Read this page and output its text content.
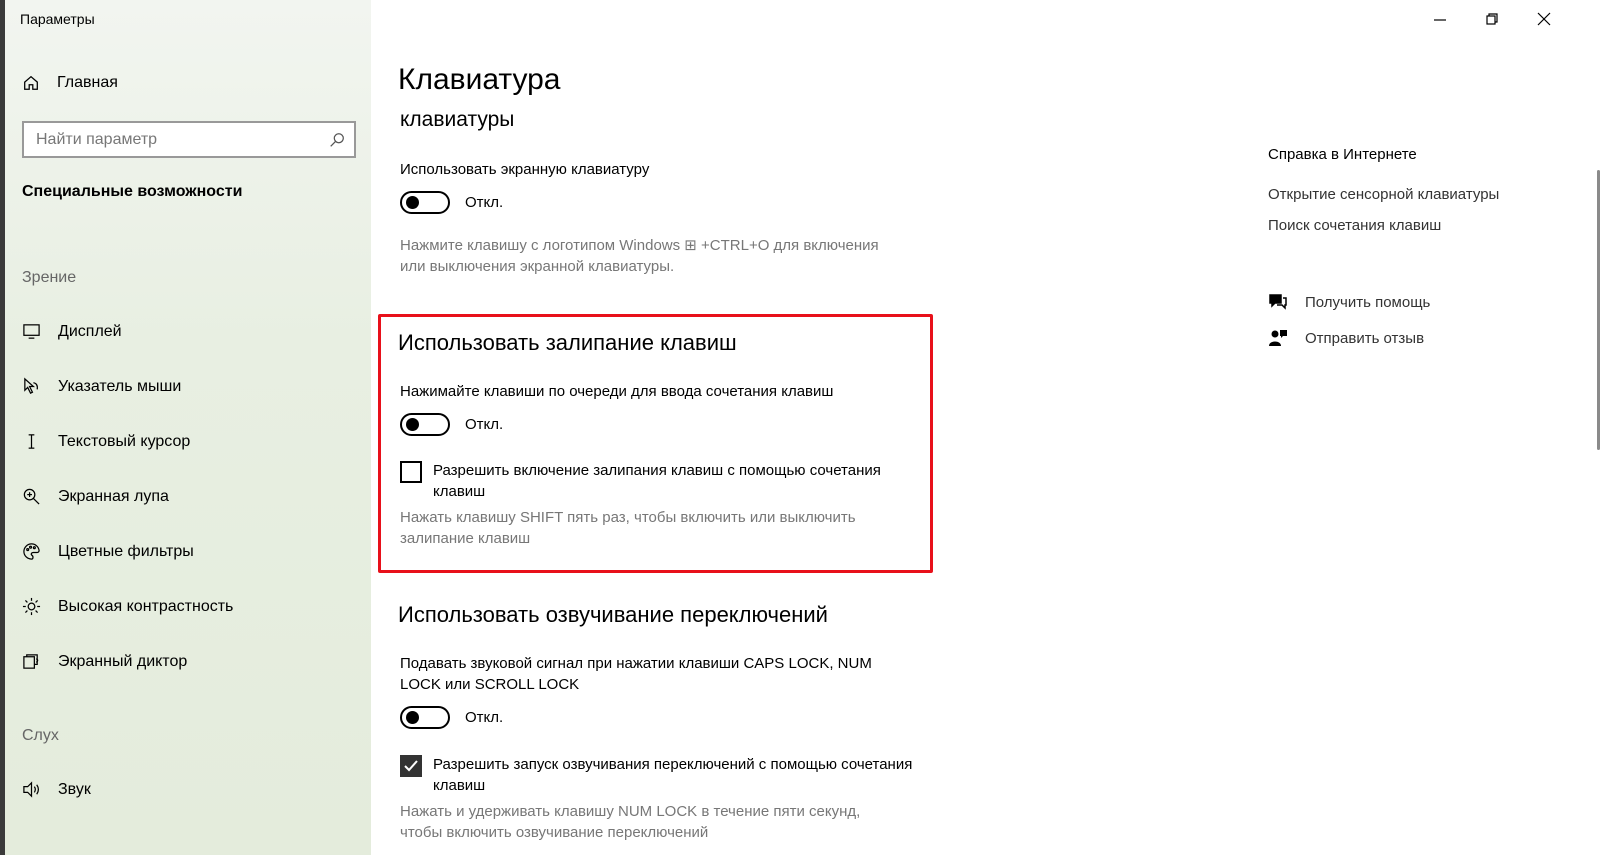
Параметры
Главная
Найти параметр
Специальные возможности
Зрение
Дисплей
Указатель мыши
Текстовый курсор
Экранная лупа
Цветные фильтры
Высокая контрастность
Экранный диктор
Слух
Звук
Клавиатура
клавиатуры
Использовать экранную клавиатуру
Откл.
Нажмите клавишу с логотипом Windows ⊞ +CTRL+O для включения
или выключения экранной клавиатуры.
Использовать залипание клавиш
Нажимайте клавиши по очереди для ввода сочетания клавиш
Откл.
Разрешить включение залипания клавиш с помощью сочетания клавиш
Нажать клавишу SHIFT пять раз, чтобы включить или выключить
залипание клавиш
Использовать озвучивание переключений
Подавать звуковой сигнал при нажатии клавиши CAPS LOCK, NUM
LOCK или SCROLL LOCK
Откл.
Разрешить запуск озвучивания переключений с помощью сочетания клавиш
Нажать и удерживать клавишу NUM LOCK в течение пяти секунд,
чтобы включить озвучивание переключений
Справка в Интернете
Открытие сенсорной клавиатуры
Поиск сочетания клавиш
Получить помощь
Отправить отзыв
